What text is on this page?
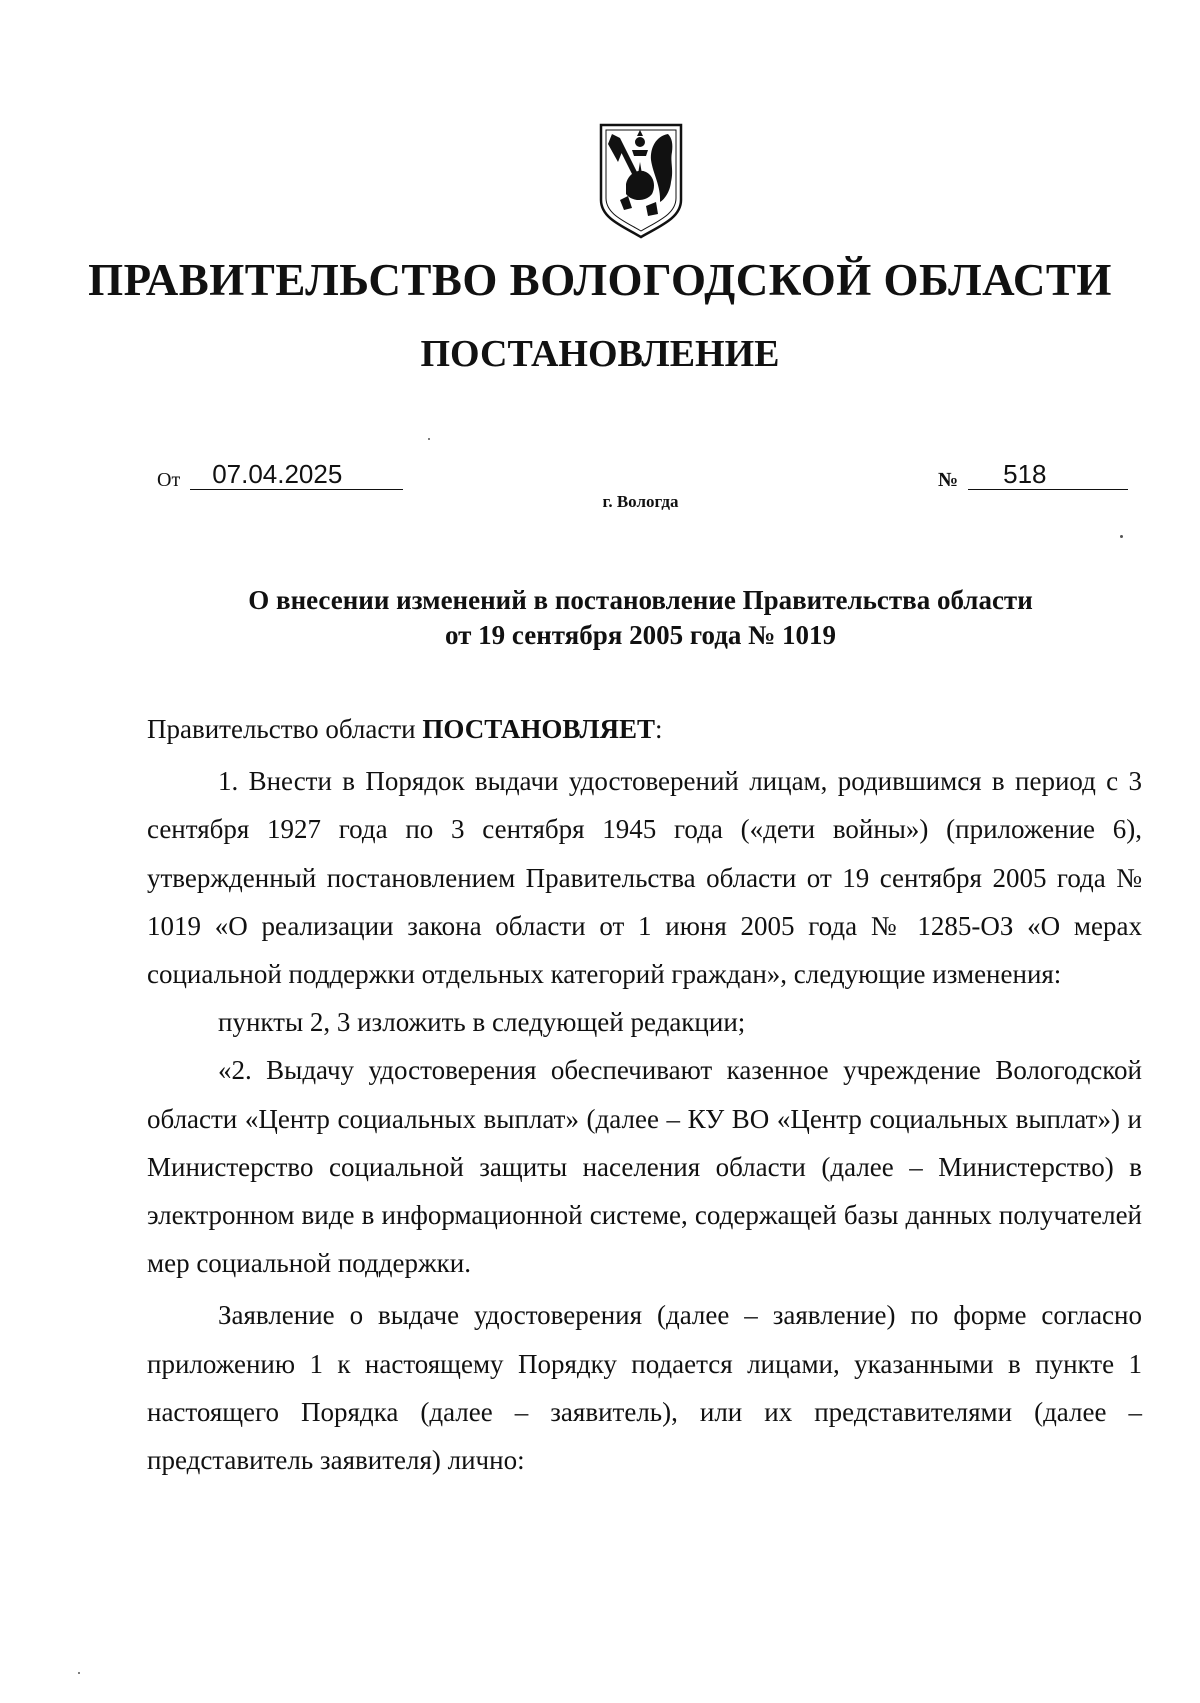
ПРАВИТЕЛЬСТВО ВОЛОГОДСКОЙ ОБЛАСТИ
ПОСТАНОВЛЕНИЕ
От	07.04.2025	№	518
г. Вологда
О внесении изменений в постановление Правительства области
от 19 сентября 2005 года № 1019

Правительство области ПОСТАНОВЛЯЕТ:

1. Внести в Порядок выдачи удостоверений лицам, родившимся в период с 3 сентября 1927 года по 3 сентября 1945 года («дети войны») (приложение 6), утвержденный постановлением Правительства области от 19 сентября 2005 года № 1019 «О реализации закона области от 1 июня 2005 года № 1285-ОЗ «О мерах социальной поддержки отдельных категорий граждан», следующие изменения:

пункты 2, 3 изложить в следующей редакции;

«2. Выдачу удостоверения обеспечивают казенное учреждение Вологодской области «Центр социальных выплат» (далее – КУ ВО «Центр социальных выплат») и Министерство социальной защиты населения области (далее – Министерство) в электронном виде в информационной системе, содержащей базы данных получателей мер социальной поддержки.

Заявление о выдаче удостоверения (далее – заявление) по форме согласно приложению 1 к настоящему Порядку подается лицами, указанными в пункте 1 настоящего Порядка (далее – заявитель), или их представителями (далее – представитель заявителя) лично:
